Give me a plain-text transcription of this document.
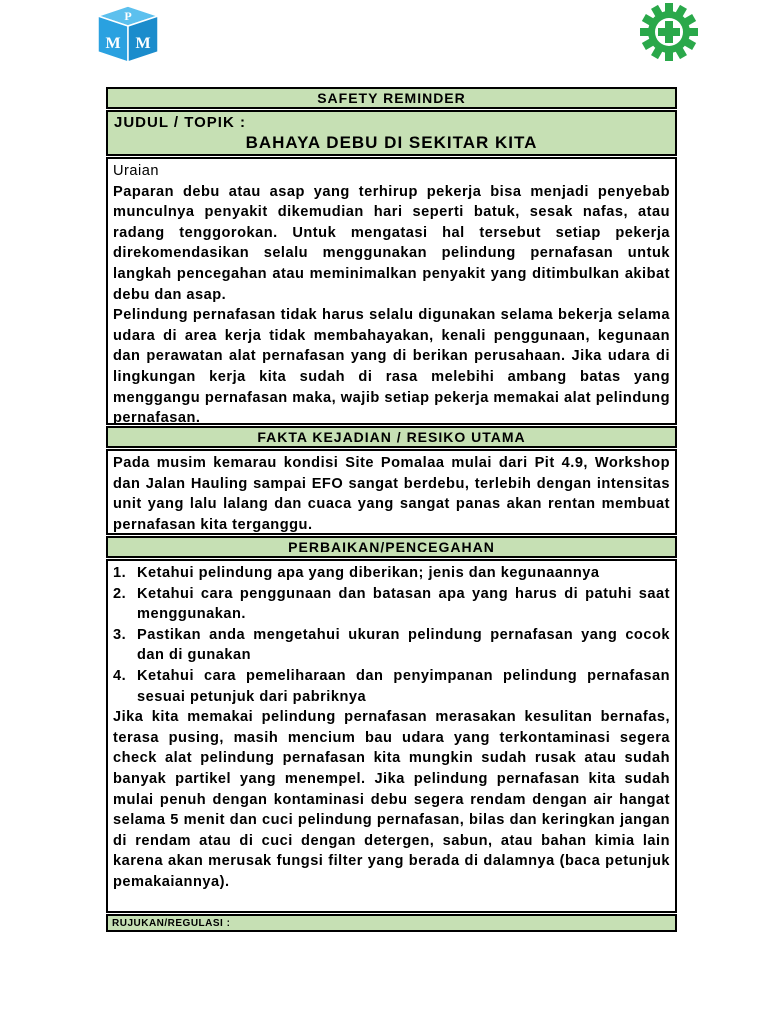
P
M M
SAFETY REMINDER
JUDUL / TOPIK :
BAHAYA DEBU DI SEKITAR KITA
Uraian
Paparan debu atau asap yang terhirup pekerja bisa menjadi penyebab munculnya penyakit dikemudian hari seperti batuk, sesak nafas, atau radang tenggorokan. Untuk mengatasi hal tersebut setiap pekerja direkomendasikan selalu menggunakan pelindung pernafasan untuk langkah pencegahan atau meminimalkan penyakit yang ditimbulkan akibat debu dan asap.
Pelindung pernafasan tidak harus selalu digunakan selama bekerja selama udara di area kerja tidak membahayakan, kenali penggunaan, kegunaan dan perawatan alat pernafasan yang di berikan perusahaan. Jika udara di lingkungan kerja kita sudah di rasa melebihi ambang batas yang menggangu pernafasan maka, wajib setiap pekerja memakai alat pelindung pernafasan.
FAKTA KEJADIAN / RESIKO UTAMA
Pada musim kemarau kondisi Site Pomalaa mulai dari Pit 4.9, Workshop dan Jalan Hauling sampai EFO sangat berdebu, terlebih dengan intensitas unit yang lalu lalang dan cuaca yang sangat panas akan rentan membuat pernafasan kita terganggu.
PERBAIKAN/PENCEGAHAN
1. Ketahui pelindung apa yang diberikan; jenis dan kegunaannya
2. Ketahui cara penggunaan dan batasan apa yang harus di patuhi saat menggunakan.
3. Pastikan anda mengetahui ukuran pelindung pernafasan yang cocok dan di gunakan
4. Ketahui cara pemeliharaan dan penyimpanan pelindung pernafasan sesuai petunjuk dari pabriknya
Jika kita memakai pelindung pernafasan merasakan kesulitan bernafas, terasa pusing, masih mencium bau udara yang terkontaminasi segera check alat pelindung pernafasan kita mungkin sudah rusak atau sudah banyak partikel yang menempel. Jika pelindung pernafasan kita sudah mulai penuh dengan kontaminasi debu segera rendam dengan air hangat selama 5 menit dan cuci pelindung pernafasan, bilas dan keringkan jangan di rendam atau di cuci dengan detergen, sabun, atau bahan kimia lain karena akan merusak fungsi filter yang berada di dalamnya (baca petunjuk pemakaiannya).
RUJUKAN/REGULASI :
